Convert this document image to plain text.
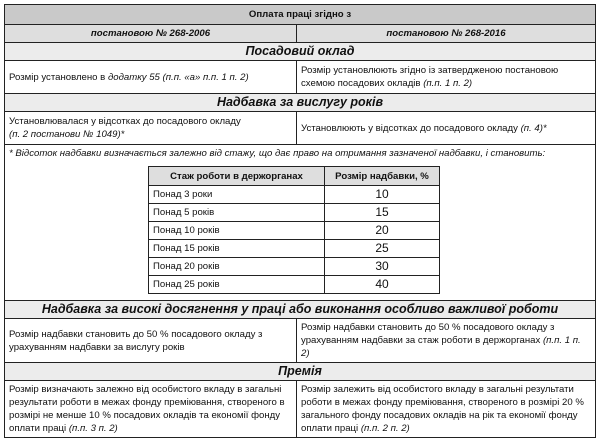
Оплата праці згідно з
постановою № 268-2006	постановою № 268-2016
Посадовий оклад
Розмір установлено в додатку 55 (п.п. «а» п.п. 1 п. 2)	Розмір установлюють згідно із затвердженою постановою схемою посадових окладів (п.п. 1 п. 2)
Надбавка за вислугу років

Установлювалася у відсотках до посадового окладу
(п. 2 постанови № 1049)*
	Установлюють у відсотках до посадового окладу (п. 4)*

* Відсоток надбавки визначається залежно від стажу, що дає право на отримання зазначеної надбавки, і становить:
Стаж роботи в держорганах	Розмір надбавки, %
Понад 3 роки	10
Понад 5 років	15
Понад 10 років	20
Понад 15 років	25
Понад 20 років	30
Понад 25 років	40

Надбавка за високі досягнення у праці або виконання особливо важливої роботи
Розмір надбавки становить до 50 % посадового окладу з урахуванням надбавки за вислугу років	Розмір надбавки становить до 50 % посадового окладу з урахуванням надбавки за стаж роботи в держорганах (п.п. 1 п. 2)
Премія
Розмір визначають залежно від особистого вкладу в загальні результати роботи в межах фонду преміювання, створеного в розмірі не менше 10 % посадових окладів та економії фонду оплати праці (п.п. 3 п. 2)	Розмір залежить від особистого вкладу в загальні результати роботи в межах фонду преміювання, створеного в розмірі 20 % загального фонду посадових окладів на рік та економії фонду оплати праці (п.п. 2 п. 2)
